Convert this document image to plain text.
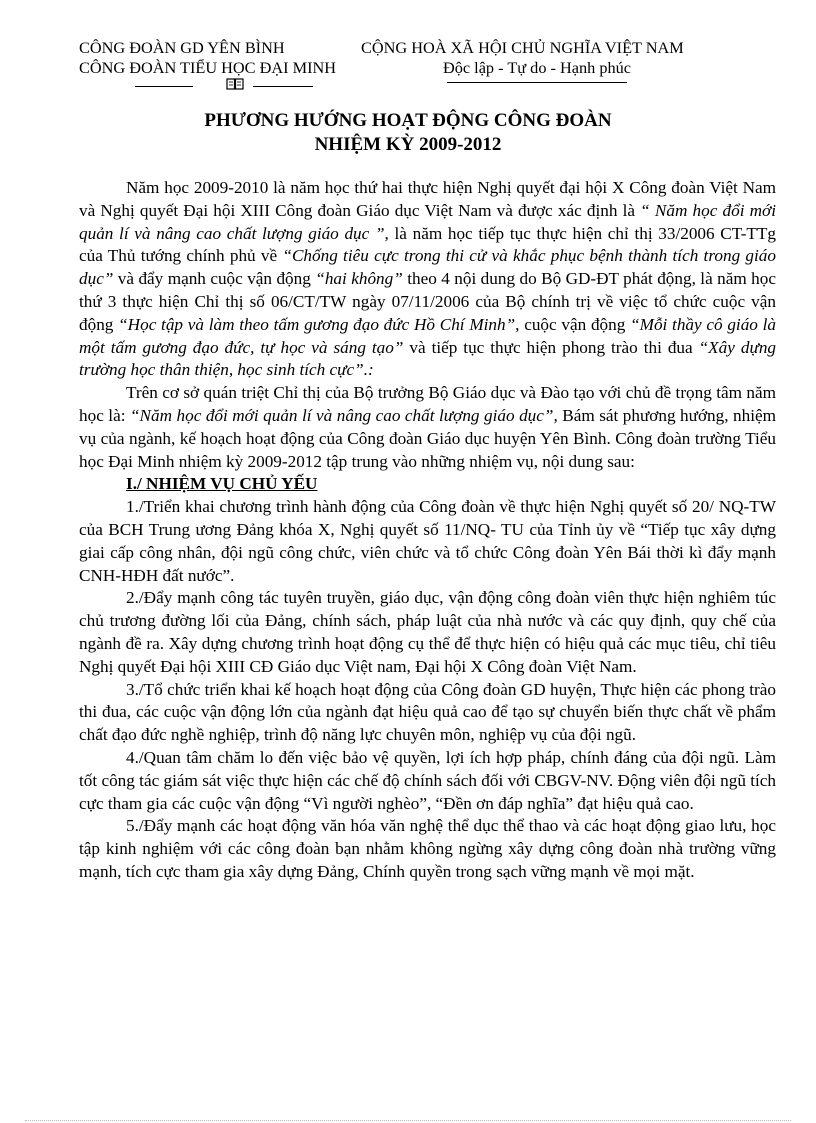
CÔNG ĐOÀN GD YÊN BÌNH
CÔNG ĐOÀN TIỂU HỌC ĐẠI MINH
CỘNG HOÀ XÃ HỘI CHỦ NGHĨA VIỆT NAM
Độc lập - Tự do - Hạnh phúc
PHƯƠNG HƯỚNG HOẠT ĐỘNG CÔNG ĐOÀN
NHIỆM KỲ 2009-2012

Năm học 2009-2010 là năm học thứ hai thực hiện Nghị quyết đại hội X Công đoàn Việt Nam và Nghị quyết Đại hội XIII Công đoàn Giáo dục Việt Nam và được xác định là “ Năm học đổi mới quản lí và nâng cao chất lượng giáo dục ”, là năm học tiếp tục thực hiện chỉ thị 33/2006 CT-TTg của Thủ tướng chính phủ về “Chống tiêu cực trong thi cử và khắc phục bệnh thành tích trong giáo dục” và đẩy mạnh cuộc vận động “hai không” theo 4 nội dung do Bộ GD-ĐT phát động, là năm học thứ 3 thực hiện Chỉ thị số 06/CT/TW ngày 07/11/2006 của Bộ chính trị về việc tổ chức cuộc vận động “Học tập và làm theo tấm gương đạo đức Hồ Chí Minh”, cuộc vận động “Mỗi thầy cô giáo là một tấm gương đạo đức, tự học và sáng tạo” và tiếp tục thực hiện phong trào thi đua “Xây dựng trường học thân thiện, học sinh tích cực”.:

Trên cơ sở quán triệt Chỉ thị của Bộ trưởng Bộ Giáo dục và Đào tạo với chủ đề trọng tâm năm học là: “Năm học đổi mới quản lí và nâng cao chất lượng giáo dục”, Bám sát phương hướng, nhiệm vụ của ngành, kế hoạch hoạt động của Công đoàn Giáo dục huyện Yên Bình. Công đoàn trường Tiểu học Đại Minh nhiệm kỳ 2009-2012 tập trung vào những nhiệm vụ, nội dung sau:

I./ NHIỆM VỤ CHỦ YẾU

1./Triển khai chương trình hành động của Công đoàn về thực hiện Nghị quyết số 20/ NQ-TW của BCH Trung ương Đảng khóa X, Nghị quyết số 11/NQ- TU của Tỉnh ủy về “Tiếp tục xây dựng giai cấp công nhân, đội ngũ công chức, viên chức và tổ chức Công đoàn Yên Bái thời kì đẩy mạnh CNH-HĐH đất nước”.

2./Đẩy mạnh công tác tuyên truyền, giáo dục, vận động công đoàn viên thực hiện nghiêm túc chủ trương đường lối của Đảng, chính sách, pháp luật của nhà nước và các quy định, quy chế của ngành đề ra. Xây dựng chương trình hoạt động cụ thể để thực hiện có hiệu quả các mục tiêu, chỉ tiêu Nghị quyết Đại hội XIII CĐ Giáo dục Việt nam, Đại hội X Công đoàn Việt Nam.

3./Tổ chức triển khai kế hoạch hoạt động của Công đoàn GD huyện, Thực hiện các phong trào thi đua, các cuộc vận động lớn của ngành đạt hiệu quả cao để tạo sự chuyển biến thực chất về phẩm chất đạo đức nghề nghiệp, trình độ năng lực chuyên môn, nghiệp vụ của đội ngũ.

4./Quan tâm chăm lo đến việc bảo vệ quyền, lợi ích hợp pháp, chính đáng của đội ngũ. Làm tốt công tác giám sát việc thực hiện các chế độ chính sách đối với CBGV-NV. Động viên đội ngũ tích cực tham gia các cuộc vận động “Vì người nghèo”, “Đền ơn đáp nghĩa” đạt hiệu quả cao.

5./Đẩy mạnh các hoạt động văn hóa văn nghệ thể dục thể thao và các hoạt động giao lưu, học tập kinh nghiệm với các công đoàn bạn nhằm không ngừng xây dựng công đoàn nhà trường vững mạnh, tích cực tham gia xây dựng Đảng, Chính quyền trong sạch vững mạnh về mọi mặt.
